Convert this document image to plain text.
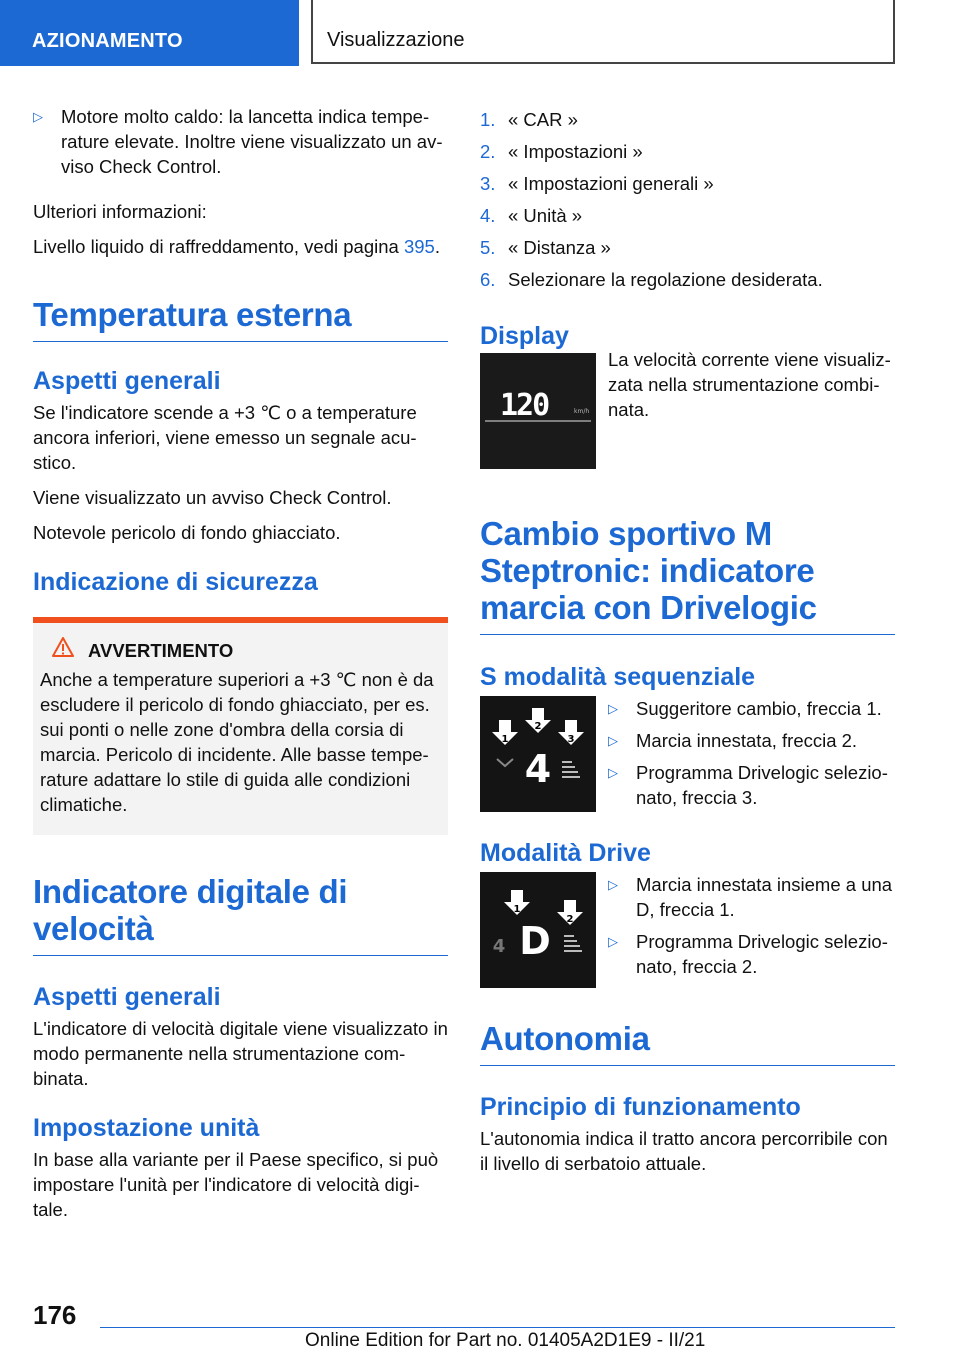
AZIONAMENTO	Visualizzazione
▷ Motore molto caldo: la lancetta indica temperature elevate. Inoltre viene visualizzato un avviso Check Control.

Ulteriori informazioni:

Livello liquido di raffreddamento, vedi pagina 395.

Temperatura esterna
Aspetti generali

Se l'indicatore scende a +3 ℃ o a temperature ancora inferiori, viene emesso un segnale acustico.

Viene visualizzato un avviso Check Control.

Notevole pericolo di fondo ghiacciato.

Indicazione di sicurezza
AVVERTIMENTO

Anche a temperature superiori a +3 ℃ non è da escludere il pericolo di fondo ghiacciato, per es. sui ponti o nelle zone d'ombra della corsia di marcia. Pericolo di incidente. Alle basse temperature adattare lo stile di guida alle condizioni climatiche.

Indicatore digitale di velocità
Aspetti generali

L'indicatore di velocità digitale viene visualizzato in modo permanente nella strumentazione combinata.

Impostazione unità

In base alla variante per il Paese specifico, si può impostare l'unità per l'indicatore di velocità digitale.

1. « CAR »
2. « Impostazioni »
3. « Impostazioni generali »
4. « Unità »
5. « Distanza »
6. Selezionare la regolazione desiderata.
Display
120	km/h

La velocità corrente viene visualizzata nella strumentazione combinata.

Cambio sportivo M Steptronic: indicatore marcia con Drivelogic
S modalità sequenziale
1
2
3
4
▷ Suggeritore cambio, freccia 1.
▷ Marcia innestata, freccia 2.
▷ Programma Drivelogic selezionato, freccia 3.
Modalità Drive
1
2
4 D
▷ Marcia innestata insieme a una D, freccia 1.
▷ Programma Drivelogic selezionato, freccia 2.
Autonomia
Principio di funzionamento

L'autonomia indica il tratto ancora percorribile con il livello di serbatoio attuale.

176
Online Edition for Part no. 01405A2D1E9 - II/21
